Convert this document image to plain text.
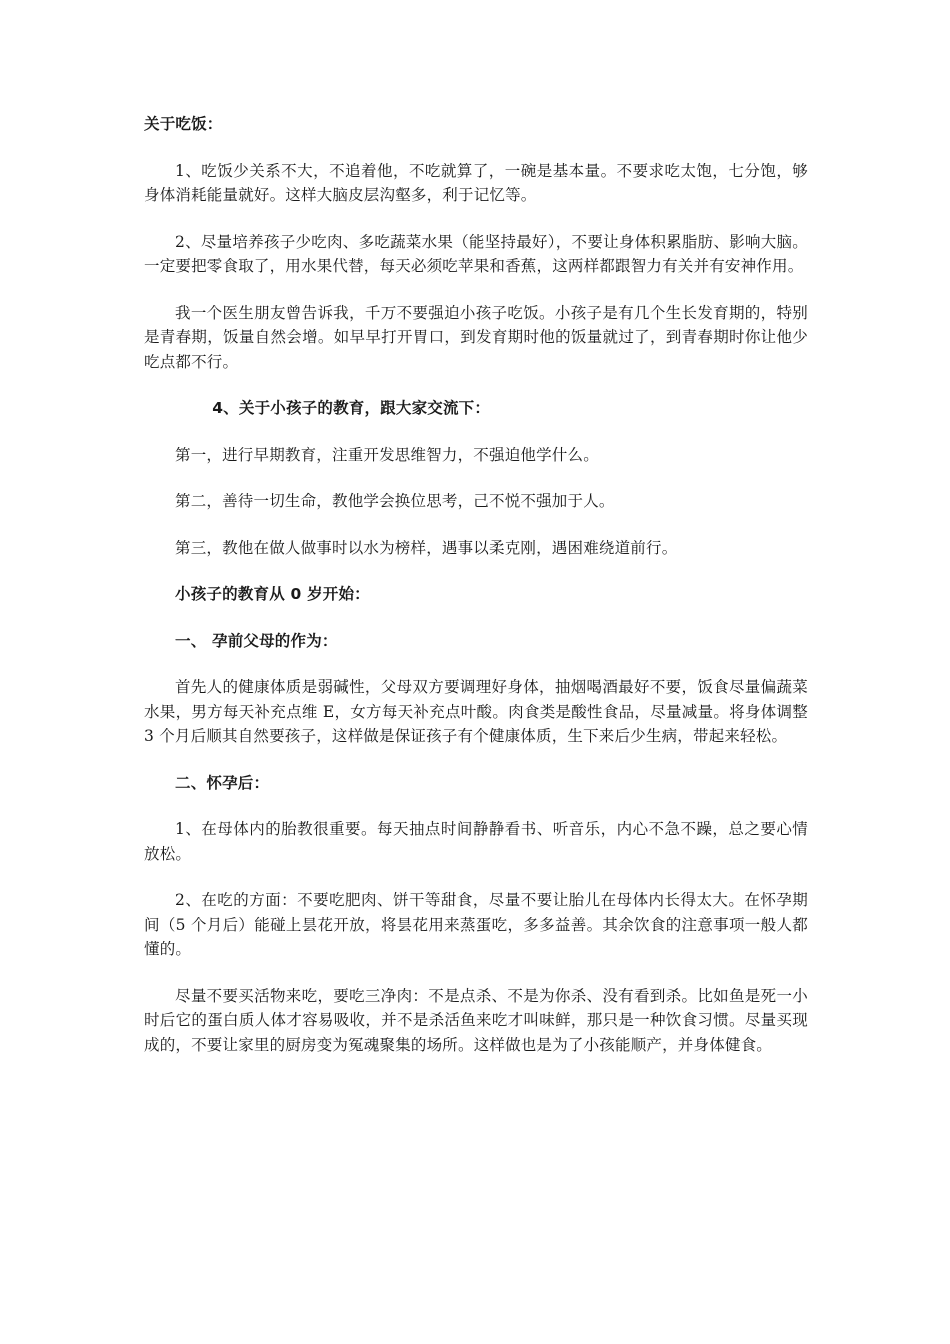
关于吃饭：

1、吃饭少关系不大，不追着他，不吃就算了，一碗是基本量。不要求吃太饱，七分饱，够身体消耗能量就好。这样大脑皮层沟壑多，利于记忆等。

2、尽量培养孩子少吃肉、多吃蔬菜水果（能坚持最好），不要让身体积累脂肪、影响大脑。一定要把零食取了，用水果代替，每天必须吃苹果和香蕉，这两样都跟智力有关并有安神作用。

我一个医生朋友曾告诉我，千万不要强迫小孩子吃饭。小孩子是有几个生长发育期的，特别是青春期，饭量自然会增。如早早打开胃口，到发育期时他的饭量就过了，到青春期时你让他少吃点都不行。

4、关于小孩子的教育，跟大家交流下：

第一，进行早期教育，注重开发思维智力，不强迫他学什么。

第二，善待一切生命，教他学会换位思考，己不悦不强加于人。

第三，教他在做人做事时以水为榜样，遇事以柔克刚，遇困难绕道前行。

小孩子的教育从 0 岁开始：

一、 孕前父母的作为：

首先人的健康体质是弱碱性，父母双方要调理好身体，抽烟喝酒最好不要，饭食尽量偏蔬菜水果，男方每天补充点维 E，女方每天补充点叶酸。肉食类是酸性食品，尽量减量。将身体调整 3 个月后顺其自然要孩子，这样做是保证孩子有个健康体质，生下来后少生病，带起来轻松。

二、怀孕后：

1、在母体内的胎教很重要。每天抽点时间静静看书、听音乐，内心不急不躁，总之要心情放松。

2、在吃的方面：不要吃肥肉、饼干等甜食，尽量不要让胎儿在母体内长得太大。在怀孕期间（5 个月后）能碰上昙花开放，将昙花用来蒸蛋吃，多多益善。其余饮食的注意事项一般人都懂的。

尽量不要买活物来吃，要吃三净肉：不是点杀、不是为你杀、没有看到杀。比如鱼是死一小时后它的蛋白质人体才容易吸收，并不是杀活鱼来吃才叫味鲜，那只是一种饮食习惯。尽量买现成的，不要让家里的厨房变为冤魂聚集的场所。这样做也是为了小孩能顺产，并身体健食。
